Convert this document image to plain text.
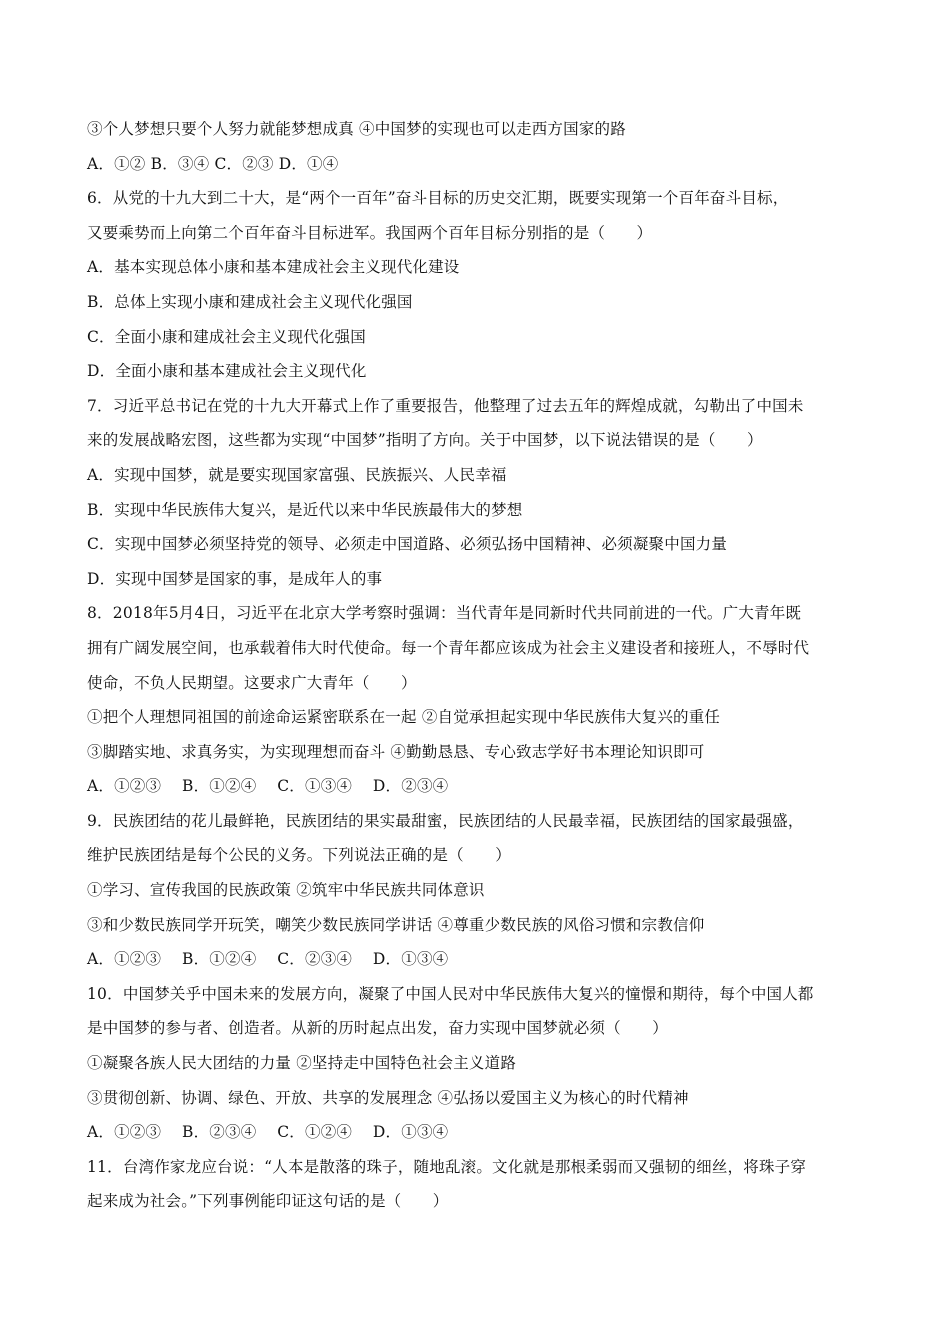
③个人梦想只要个人努力就能梦想成真 ④中国梦的实现也可以走西方国家的路
A．①② B．③④ C．②③ D．①④
6．从党的十九大到二十大，是“两个一百年”奋斗目标的历史交汇期，既要实现第一个百年奋斗目标，
又要乘势而上向第二个百年奋斗目标进军。我国两个百年目标分别指的是（　　）
A．基本实现总体小康和基本建成社会主义现代化建设
B．总体上实现小康和建成社会主义现代化强国
C．全面小康和建成社会主义现代化强国
D．全面小康和基本建成社会主义现代化
7．习近平总书记在党的十九大开幕式上作了重要报告，他整理了过去五年的辉煌成就，勾勒出了中国未
来的发展战略宏图，这些都为实现“中国梦”指明了方向。关于中国梦，以下说法错误的是（　　）
A．实现中国梦，就是要实现国家富强、民族振兴、人民幸福
B．实现中华民族伟大复兴，是近代以来中华民族最伟大的梦想
C．实现中国梦必须坚持党的领导、必须走中国道路、必须弘扬中国精神、必须凝聚中国力量
D．实现中国梦是国家的事，是成年人的事
8．2018年5月4日，习近平在北京大学考察时强调：当代青年是同新时代共同前进的一代。广大青年既
拥有广阔发展空间，也承载着伟大时代使命。每一个青年都应该成为社会主义建设者和接班人，不辱时代
使命，不负人民期望。这要求广大青年（　　）
①把个人理想同祖国的前途命运紧密联系在一起 ②自觉承担起实现中华民族伟大复兴的重任
③脚踏实地、求真务实，为实现理想而奋斗 ④勤勤恳恳、专心致志学好书本理论知识即可
A．①②③　 B．①②④　 C．①③④　 D．②③④
9．民族团结的花儿最鲜艳，民族团结的果实最甜蜜，民族团结的人民最幸福，民族团结的国家最强盛，
维护民族团结是每个公民的义务。下列说法正确的是（　　）
①学习、宣传我国的民族政策 ②筑牢中华民族共同体意识
③和少数民族同学开玩笑，嘲笑少数民族同学讲话 ④尊重少数民族的风俗习惯和宗教信仰
A．①②③　 B．①②④　 C．②③④　 D．①③④
10．中国梦关乎中国未来的发展方向，凝聚了中国人民对中华民族伟大复兴的憧憬和期待，每个中国人都
是中国梦的参与者、创造者。从新的历时起点出发，奋力实现中国梦就必须（　　）
①凝聚各族人民大团结的力量 ②坚持走中国特色社会主义道路
③贯彻创新、协调、绿色、开放、共享的发展理念 ④弘扬以爱国主义为核心的时代精神
A．①②③　 B．②③④　 C．①②④　 D．①③④
11．台湾作家龙应台说：“人本是散落的珠子，随地乱滚。文化就是那根柔弱而又强韧的细丝，将珠子穿
起来成为社会。”下列事例能印证这句话的是（　　）
